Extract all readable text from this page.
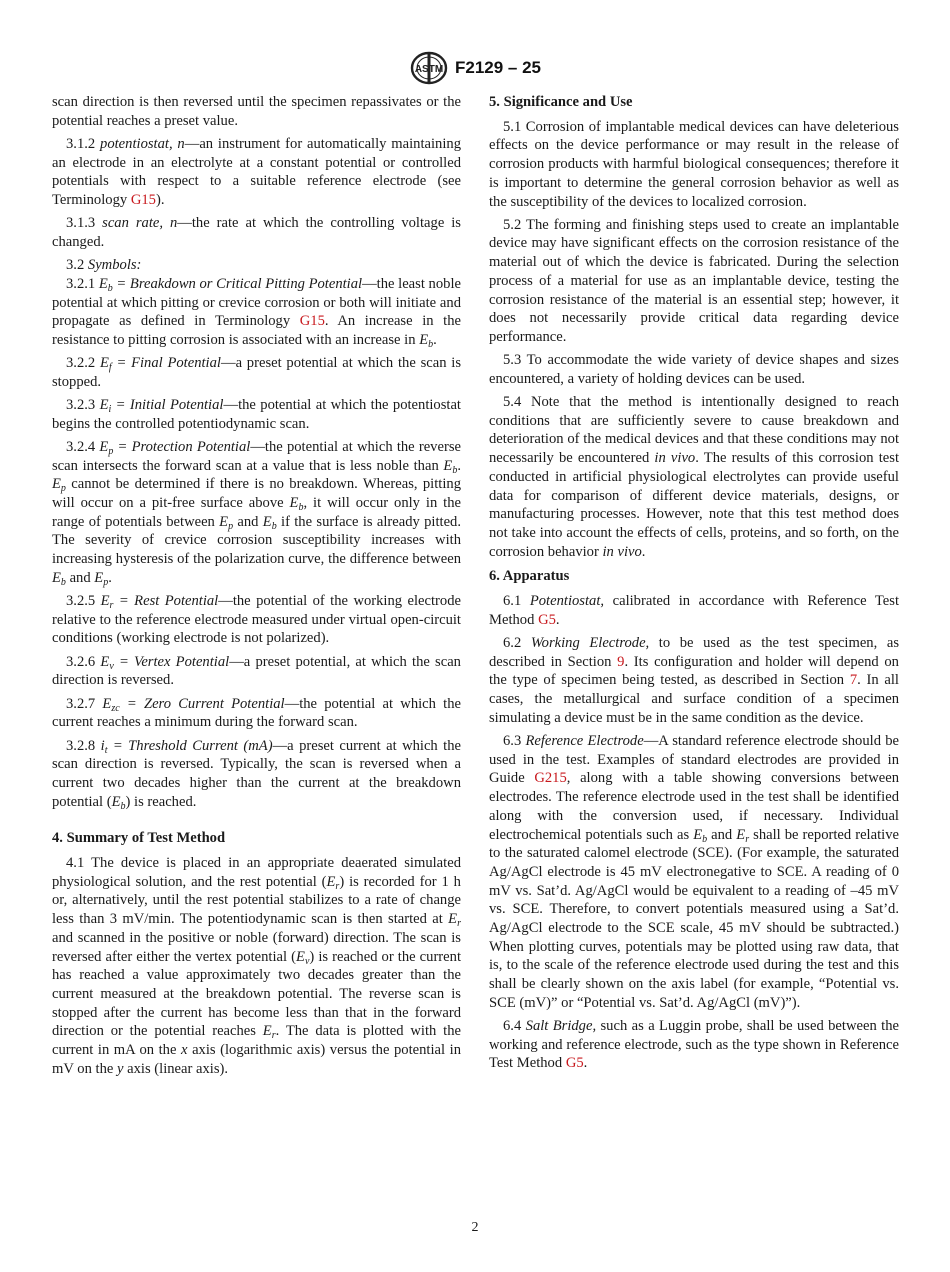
ASTM F2129 – 25

scan direction is then reversed until the specimen repassivates or the potential reaches a preset value.

3.1.2 potentiostat, n—an instrument for automatically maintaining an electrode in an electrolyte at a constant potential or controlled potentials with respect to a suitable reference electrode (see Terminology G15).

3.1.3 scan rate, n—the rate at which the controlling voltage is changed.

3.2 Symbols:

3.2.1 $E_b$ = Breakdown or Critical Pitting Potential—the least noble potential at which pitting or crevice corrosion or both will initiate and propagate as defined in Terminology G15. An increase in the resistance to pitting corrosion is associated with an increase in $E_b$.

3.2.2 $E_f$ = Final Potential—a preset potential at which the scan is stopped.

3.2.3 $E_i$ = Initial Potential—the potential at which the potentiostat begins the controlled potentiodynamic scan.

3.2.4 $E_p$ = Protection Potential—the potential at which the reverse scan intersects the forward scan at a value that is less noble than $E_b$. $E_p$ cannot be determined if there is no breakdown. Whereas, pitting will occur on a pit-free surface above $E_b$, it will occur only in the range of potentials between $E_p$ and $E_b$ if the surface is already pitted. The severity of crevice corrosion susceptibility increases with increasing hysteresis of the polarization curve, the difference between $E_b$ and $E_p$.

3.2.5 $E_r$ = Rest Potential—the potential of the working electrode relative to the reference electrode measured under virtual open-circuit conditions (working electrode is not polarized).

3.2.6 $E_v$ = Vertex Potential—a preset potential, at which the scan direction is reversed.

3.2.7 $E_{zc}$ = Zero Current Potential—the potential at which the current reaches a minimum during the forward scan.

3.2.8 $i_t$ = Threshold Current (mA)—a preset current at which the scan direction is reversed. Typically, the scan is reversed when a current two decades higher than the current at the breakdown potential $(E_b)$ is reached.

4. Summary of Test Method

4.1 The device is placed in an appropriate deaerated simulated physiological solution, and the rest potential $(E_r)$ is recorded for 1 h or, alternatively, until the rest potential stabilizes to a rate of change less than 3 mV/min. The potentiodynamic scan is then started at $E_r$ and scanned in the positive or noble (forward) direction. The scan is reversed after either the vertex potential $(E_v)$ is reached or the current has reached a value approximately two decades greater than the current measured at the breakdown potential. The reverse scan is stopped after the current has become less than that in the forward direction or the potential reaches $E_r$. The data is plotted with the current in mA on the x axis (logarithmic axis) versus the potential in mV on the y axis (linear axis).

5. Significance and Use

5.1 Corrosion of implantable medical devices can have deleterious effects on the device performance or may result in the release of corrosion products with harmful biological consequences; therefore it is important to determine the general corrosion behavior as well as the susceptibility of the devices to localized corrosion.

5.2 The forming and finishing steps used to create an implantable device may have significant effects on the corrosion resistance of the material out of which the device is fabricated. During the selection process of a material for use as an implantable device, testing the corrosion resistance of the material is an essential step; however, it does not necessarily provide critical data regarding device performance.

5.3 To accommodate the wide variety of device shapes and sizes encountered, a variety of holding devices can be used.

5.4 Note that the method is intentionally designed to reach conditions that are sufficiently severe to cause breakdown and deterioration of the medical devices and that these conditions may not necessarily be encountered in vivo. The results of this corrosion test conducted in artificial physiological electrolytes can provide useful data for comparison of different device materials, designs, or manufacturing processes. However, note that this test method does not take into account the effects of cells, proteins, and so forth, on the corrosion behavior in vivo.

6. Apparatus

6.1 Potentiostat, calibrated in accordance with Reference Test Method G5.

6.2 Working Electrode, to be used as the test specimen, as described in Section 9. Its configuration and holder will depend on the type of specimen being tested, as described in Section 7. In all cases, the metallurgical and surface condition of a specimen simulating a device must be in the same condition as the device.

6.3 Reference Electrode—A standard reference electrode should be used in the test. Examples of standard electrodes are provided in Guide G215, along with a table showing conversions between electrodes. The reference electrode used in the test shall be identified along with the conversion used, if necessary. Individual electrochemical potentials such as $E_b$ and $E_r$ shall be reported relative to the saturated calomel electrode (SCE). (For example, the saturated Ag/AgCl electrode is 45 mV electronegative to SCE. A reading of 0 mV vs. Sat’d. Ag/AgCl would be equivalent to a reading of –45 mV vs. SCE. Therefore, to convert potentials measured using a Sat’d. Ag/AgCl electrode to the SCE scale, 45 mV should be subtracted.) When plotting curves, potentials may be plotted using raw data, that is, to the scale of the reference electrode used during the test and this shall be clearly shown on the axis label (for example, “Potential vs. SCE (mV)” or “Potential vs. Sat’d. Ag/AgCl (mV)”).

6.4 Salt Bridge, such as a Luggin probe, shall be used between the working and reference electrode, such as the type shown in Reference Test Method G5.

2
